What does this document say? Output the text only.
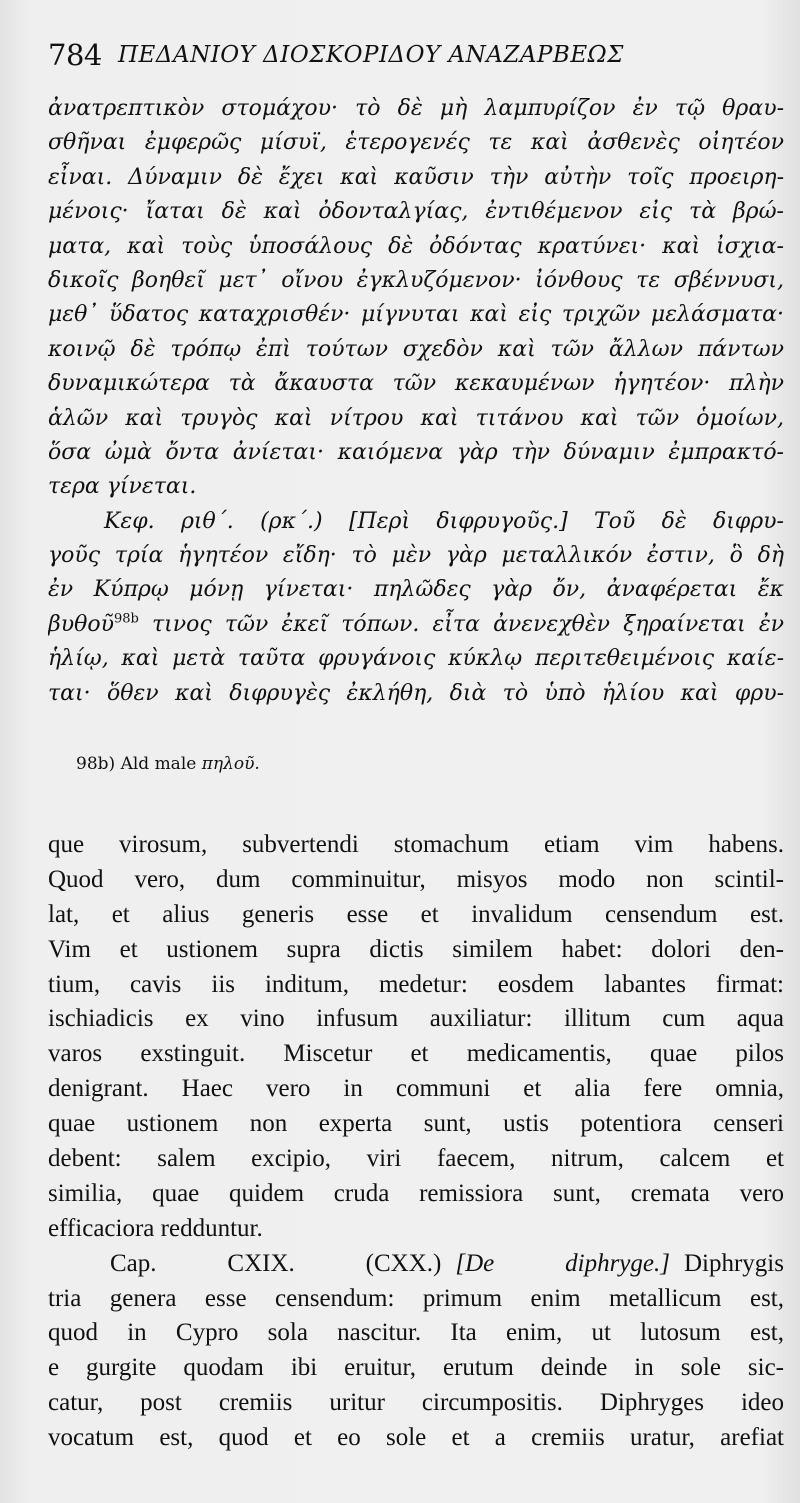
784 ΠΕΔΑΝΙΟΥ ΔΙΟΣΚΟΡΙΔΟΥ ΑΝΑΖΑΡΒΕΩΣ
ἀνατρεπτικὸν στομάχου· τὸ δὲ μὴ λαμπυρίζον ἐν τῷ θραυ-
σθῆναι ἐμφερῶς μίσυϊ, ἑτερογενές τε καὶ ἀσθενὲς οἰητέον
εἶναι. Δύναμιν δὲ ἔχει καὶ καῦσιν τὴν αὐτὴν τοῖς προειρη-
μένοις· ἴαται δὲ καὶ ὀδονταλγίας, ἐντιθέμενον εἰς τὰ βρώ-
ματα, καὶ τοὺς ὑποσάλους δὲ ὀδόντας κρατύνει· καὶ ἰσχια-
δικοῖς βοηθεῖ μετ᾽ οἴνου ἐγκλυζόμενον· ἰόνθους τε σβέννυσι,
μεθ᾽ ὕδατος καταχρισθέν· μίγνυται καὶ εἰς τριχῶν μελάσματα·
κοινῷ δὲ τρόπῳ ἐπὶ τούτων σχεδὸν καὶ τῶν ἄλλων πάντων
δυναμικώτερα τὰ ἄκαυστα τῶν κεκαυμένων ἡγητέον· πλὴν
ἁλῶν καὶ τρυγὸς καὶ νίτρου καὶ τιτάνου καὶ τῶν ὁμοίων,
ὅσα ὠμὰ ὄντα ἀνίεται· καιόμενα γὰρ τὴν δύναμιν ἐμπρακτό-
τερα γίνεται.
Κεφ. ριθ΄. (ρκ΄.) [Περὶ διφρυγοῦς.] Τοῦ δὲ διφρυ-
γοῦς τρία ἡγητέον εἴδη· τὸ μὲν γὰρ μεταλλικόν ἐστιν, ὃ δὴ
ἐν Κύπρῳ μόνῃ γίνεται· πηλῶδες γὰρ ὄν, ἀναφέρεται ἔκ
βυθοῦ$^{98b}$ τινος τῶν ἐκεῖ τόπων. εἶτα ἀνενεχθὲν ξηραίνεται ἐν
ἡλίῳ, καὶ μετὰ ταῦτα φρυγάνοις κύκλῳ περιτεθειμένοις καίε-
ται· ὅθεν καὶ διφρυγὲς ἐκλήθη, διὰ τὸ ὑπὸ ἡλίου καὶ φρυ-
98b) Ald male πηλοῦ.
que virosum, subvertendi stomachum etiam vim habens.
Quod vero, dum comminuitur, misyos modo non scintil-
lat, et alius generis esse et invalidum censendum est.
Vim et ustionem supra dictis similem habet: dolori den-
tium, cavis iis inditum, medetur: eosdem labantes firmat:
ischiadicis ex vino infusum auxiliatur: illitum cum aqua
varos exstinguit. Miscetur et medicamentis, quae pilos
denigrant. Haec vero in communi et alia fere omnia,
quae ustionem non experta sunt, ustis potentiora censeri
debent: salem excipio, viri faecem, nitrum, calcem et
similia, quae quidem cruda remissiora sunt, cremata vero
efficaciora redduntur.
Cap. CXIX. (CXX.) [De diphryge.] Diphrygis
tria genera esse censendum: primum enim metallicum est,
quod in Cypro sola nascitur. Ita enim, ut lutosum est,
e gurgite quodam ibi eruitur, erutum deinde in sole sic-
catur, post cremiis uritur circumpositis. Diphryges ideo
vocatum est, quod et eo sole et a cremiis uratur, arefiat
